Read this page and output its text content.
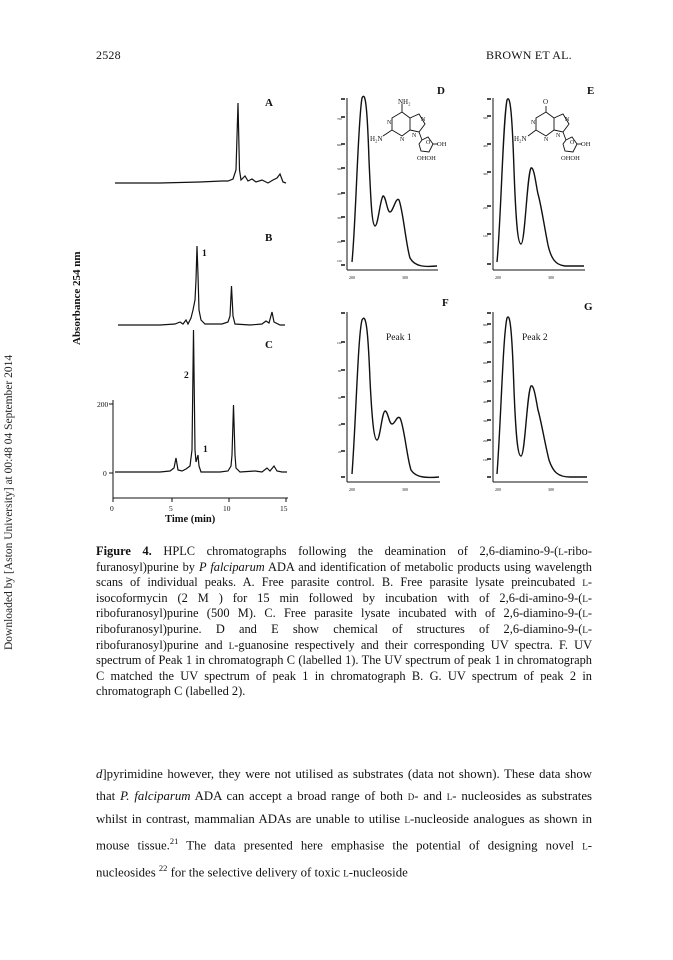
2528	BROWN ET AL.
Downloaded by [Aston University] at 00:48 04 September 2014
A
B
C
Absorbance 254 nm	1
200
0
0	5	10	15
Time (min)
2
1
D
700
600
500
400
300
200
100
200	300
NH₂
H₂N	O OH
OHOH
N
N
N
N
E
500
400
300
200
100
200	300
O
H₂N	O OH
OHOH
N
N
N
N
F
100
80
60
40
20
200	300
Peak 1
G
800
700
600
500
400
300
200
100
200	300
Peak 2
Figure 4. HPLC chromatographs following the deamination of 2,6-diamino-9-(l-ribo-furanosyl)purine by P falciparum ADA and identification of metabolic products using wavelength scans of individual peaks. A. Free parasite control. B. Free parasite lysate preincubated l-isocoformycin (2 M ) for 15 min followed by incubation with of 2,6-di-amino-9-(l-ribofuranosyl)purine (500 M). C. Free parasite lysate incubated with of 2,6-diamino-9-(l-ribofuranosyl)purine. D and E show chemical of structures of 2,6-diamino-9-(l-ribofuranosyl)purine and l-guanosine respectively and their corresponding UV spectra. F. UV spectrum of Peak 1 in chromatograph C (labelled 1). The UV spectrum of peak 1 in chromatograph C matched the UV spectrum of peak 1 in chromatograph B. G. UV spectrum of peak 2 in chromatograph C (labelled 2).
d]pyrimidine however, they were not utilised as substrates (data not shown). These data show that P. falciparum ADA can accept a broad range of both d- and l- nucleosides as substrates whilst in contrast, mammalian ADAs are unable to utilise l-nucleoside analogues as shown in mouse tissue.$^{21}$ The data presented here emphasise the potential of designing novel l-nucleosides $^{22}$ for the selective delivery of toxic l-nucleoside
